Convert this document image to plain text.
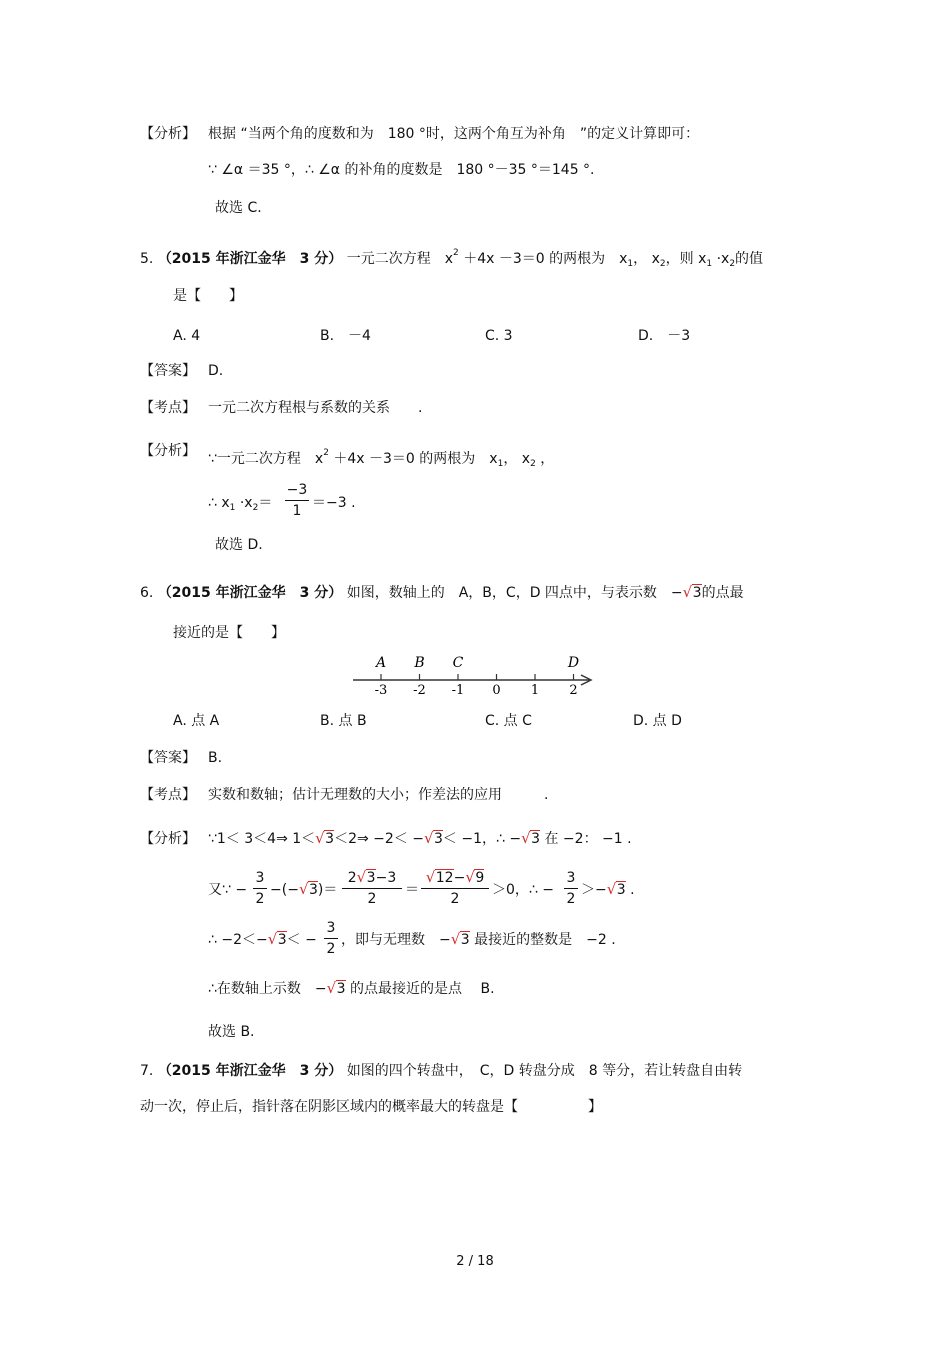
【分析】 根据 “当两个角的度数和为　180 °时，这两个角互为补角　”的定义计算即可：
∵ ∠α ＝35 °，∴ ∠α 的补角的度数是　180 °－35 °＝145 °.
故选 C.
5. （2015 年浙江金华　3 分） 一元二次方程　$x^2 +4x -3=0$ 的两根为　$x_1$， $x_2$，则 $x_1 \cdot x_2$的值
是【　　】
A. 4	B.　－4	C. 3	D.　－3
【答案】 D.
【考点】 一元二次方程根与系数的关系　　.
【分析】 ∵一元二次方程　$x^2 +4x -3=0$ 的两根为　$x_1$， $x_2$ ，
∴ $x_1 \cdot x_2=$
−3
1 ＝−3 .
故选 D.
6. （2015 年浙江金华　3 分） 如图，数轴上的　A，B，C，D 四点中，与表示数　− √ 3的点最
接近的是【　　】
-3 -2 -1 0 1 2
A B C	D
A. 点 A	B. 点 B	C. 点 C	D. 点 D
【答案】 B.
【考点】 实数和数轴；估计无理数的大小；作差法的应用　　　.
【分析】 ∵1＜ 3＜4⇒ 1＜ √ 3＜2⇒ −2＜ − √ 3＜ −1，∴ − √ 3 在 −2： −1 .
又∵ −
3
2
−(− √ 3)＝
2 √ 3−3
2
＝
√ 12− √ 9
2
＞0，∴ −
3
2
＞− √ 3 .
∴ −2＜− √ 3＜ −
3
2
，即与无理数　− √ 3 最接近的整数是　−2 .
∴在数轴上示数　− √ 3 的点最接近的是点　 B.
故选 B.
7. （2015 年浙江金华　3 分） 如图的四个转盘中，　C，D 转盘分成　8 等分，若让转盘自由转
动一次，停止后，指针落在阴影区域内的概率最大的转盘是【　　　　　】
2 / 18
